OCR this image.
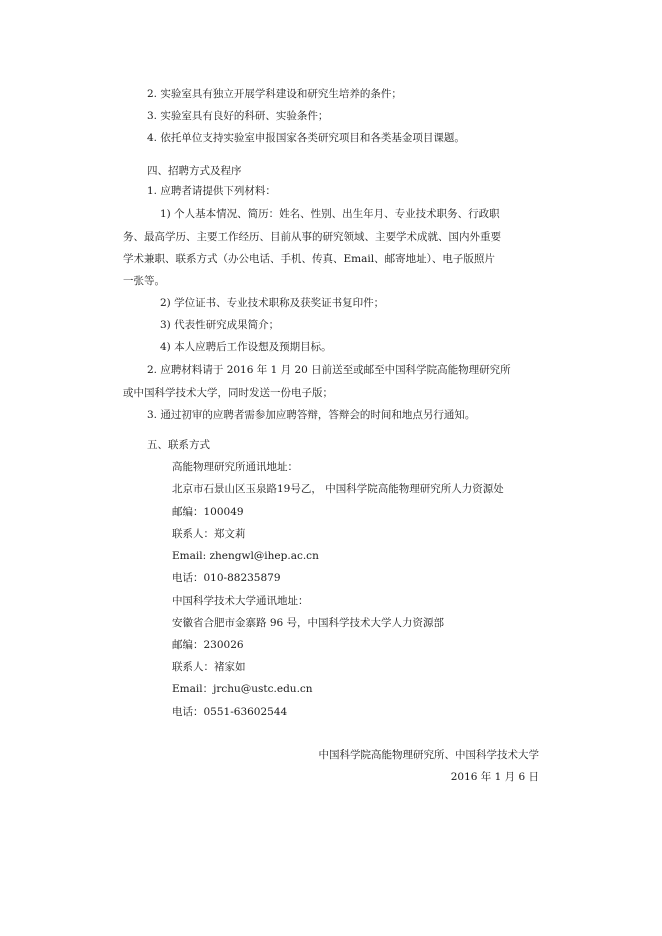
2. 实验室具有独立开展学科建设和研究生培养的条件；
3. 实验室具有良好的科研、实验条件；
4. 依托单位支持实验室申报国家各类研究项目和各类基金项目课题。
四、招聘方式及程序
1. 应聘者请提供下列材料：
1) 个人基本情况、简历：姓名、性别、出生年月、专业技术职务、行政职
务、最高学历、主要工作经历、目前从事的研究领域、主要学术成就、国内外重要
学术兼职、联系方式（办公电话、手机、传真、Email、邮寄地址）、电子版照片
一张等。
2) 学位证书、专业技术职称及获奖证书复印件；
3) 代表性研究成果简介；
4) 本人应聘后工作设想及预期目标。
2. 应聘材料请于 2016 年 1 月 20 日前送至或邮至中国科学院高能物理研究所
或中国科学技术大学，同时发送一份电子版；
3. 通过初审的应聘者需参加应聘答辩，答辩会的时间和地点另行通知。
五、联系方式
高能物理研究所通讯地址：
北京市石景山区玉泉路19号乙， 中国科学院高能物理研究所人力资源处
邮编：100049
联系人：郑文莉
Email: zhengwl@ihep.ac.cn
电话：010-88235879
中国科学技术大学通讯地址：
安徽省合肥市金寨路 96 号，中国科学技术大学人力资源部
邮编：230026
联系人：褚家如
Email：jrchu@ustc.edu.cn
电话：0551-63602544
中国科学院高能物理研究所、中国科学技术大学
2016 年 1 月 6 日
